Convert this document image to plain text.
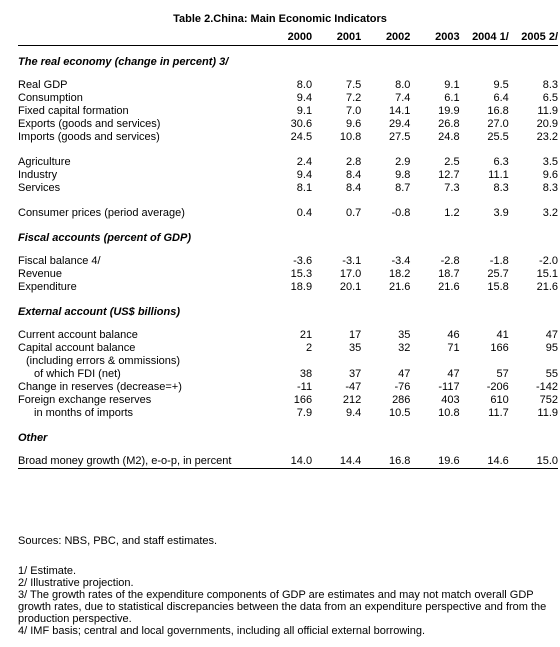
Table 2.China: Main Economic Indicators
	2000	2001	2002	2003	2004 1/	2005 2/

The real economy (change in percent) 3/						

Real GDP	8.0	7.5	8.0	9.1	9.5	8.3
Consumption	9.4	7.2	7.4	6.1	6.4	6.5
Fixed capital formation	9.1	7.0	14.1	19.9	16.8	11.9
Exports (goods and services)	30.6	9.6	29.4	26.8	27.0	20.9
Imports (goods and services)	24.5	10.8	27.5	24.8	25.5	23.2

Agriculture	2.4	2.8	2.9	2.5	6.3	3.5
Industry	9.4	8.4	9.8	12.7	11.1	9.6
Services	8.1	8.4	8.7	7.3	8.3	8.3

Consumer prices (period average)	0.4	0.7	-0.8	1.2	3.9	3.2

Fiscal accounts (percent of GDP)						

Fiscal balance 4/	-3.6	-3.1	-3.4	-2.8	-1.8	-2.0
Revenue	15.3	17.0	18.2	18.7	25.7	15.1
Expenditure	18.9	20.1	21.6	21.6	15.8	21.6

External account (US$ billions)						

Current account balance	21	17	35	46	41	47
Capital account balance	2	35	32	71	166	95
(including errors & ommissions)						
of which FDI (net)	38	37	47	47	57	55
Change in reserves (decrease=+)	-11	-47	-76	-117	-206	-142
Foreign exchange reserves	166	212	286	403	610	752
in months of imports	7.9	9.4	10.5	10.8	11.7	11.9

Other						

Broad money growth (M2), e-o-p, in percent	14.0	14.4	16.8	19.6	14.6	15.0

Sources: NBS, PBC, and staff estimates.

1/ Estimate.

2/ Illustrative projection.

3/ The growth rates of the expenditure components of GDP are estimates and may not match overall GDP growth rates, due to statistical discrepancies between the data from an expenditure perspective and from the production perspective.

4/ IMF basis; central and local governments, including all official external borrowing.
